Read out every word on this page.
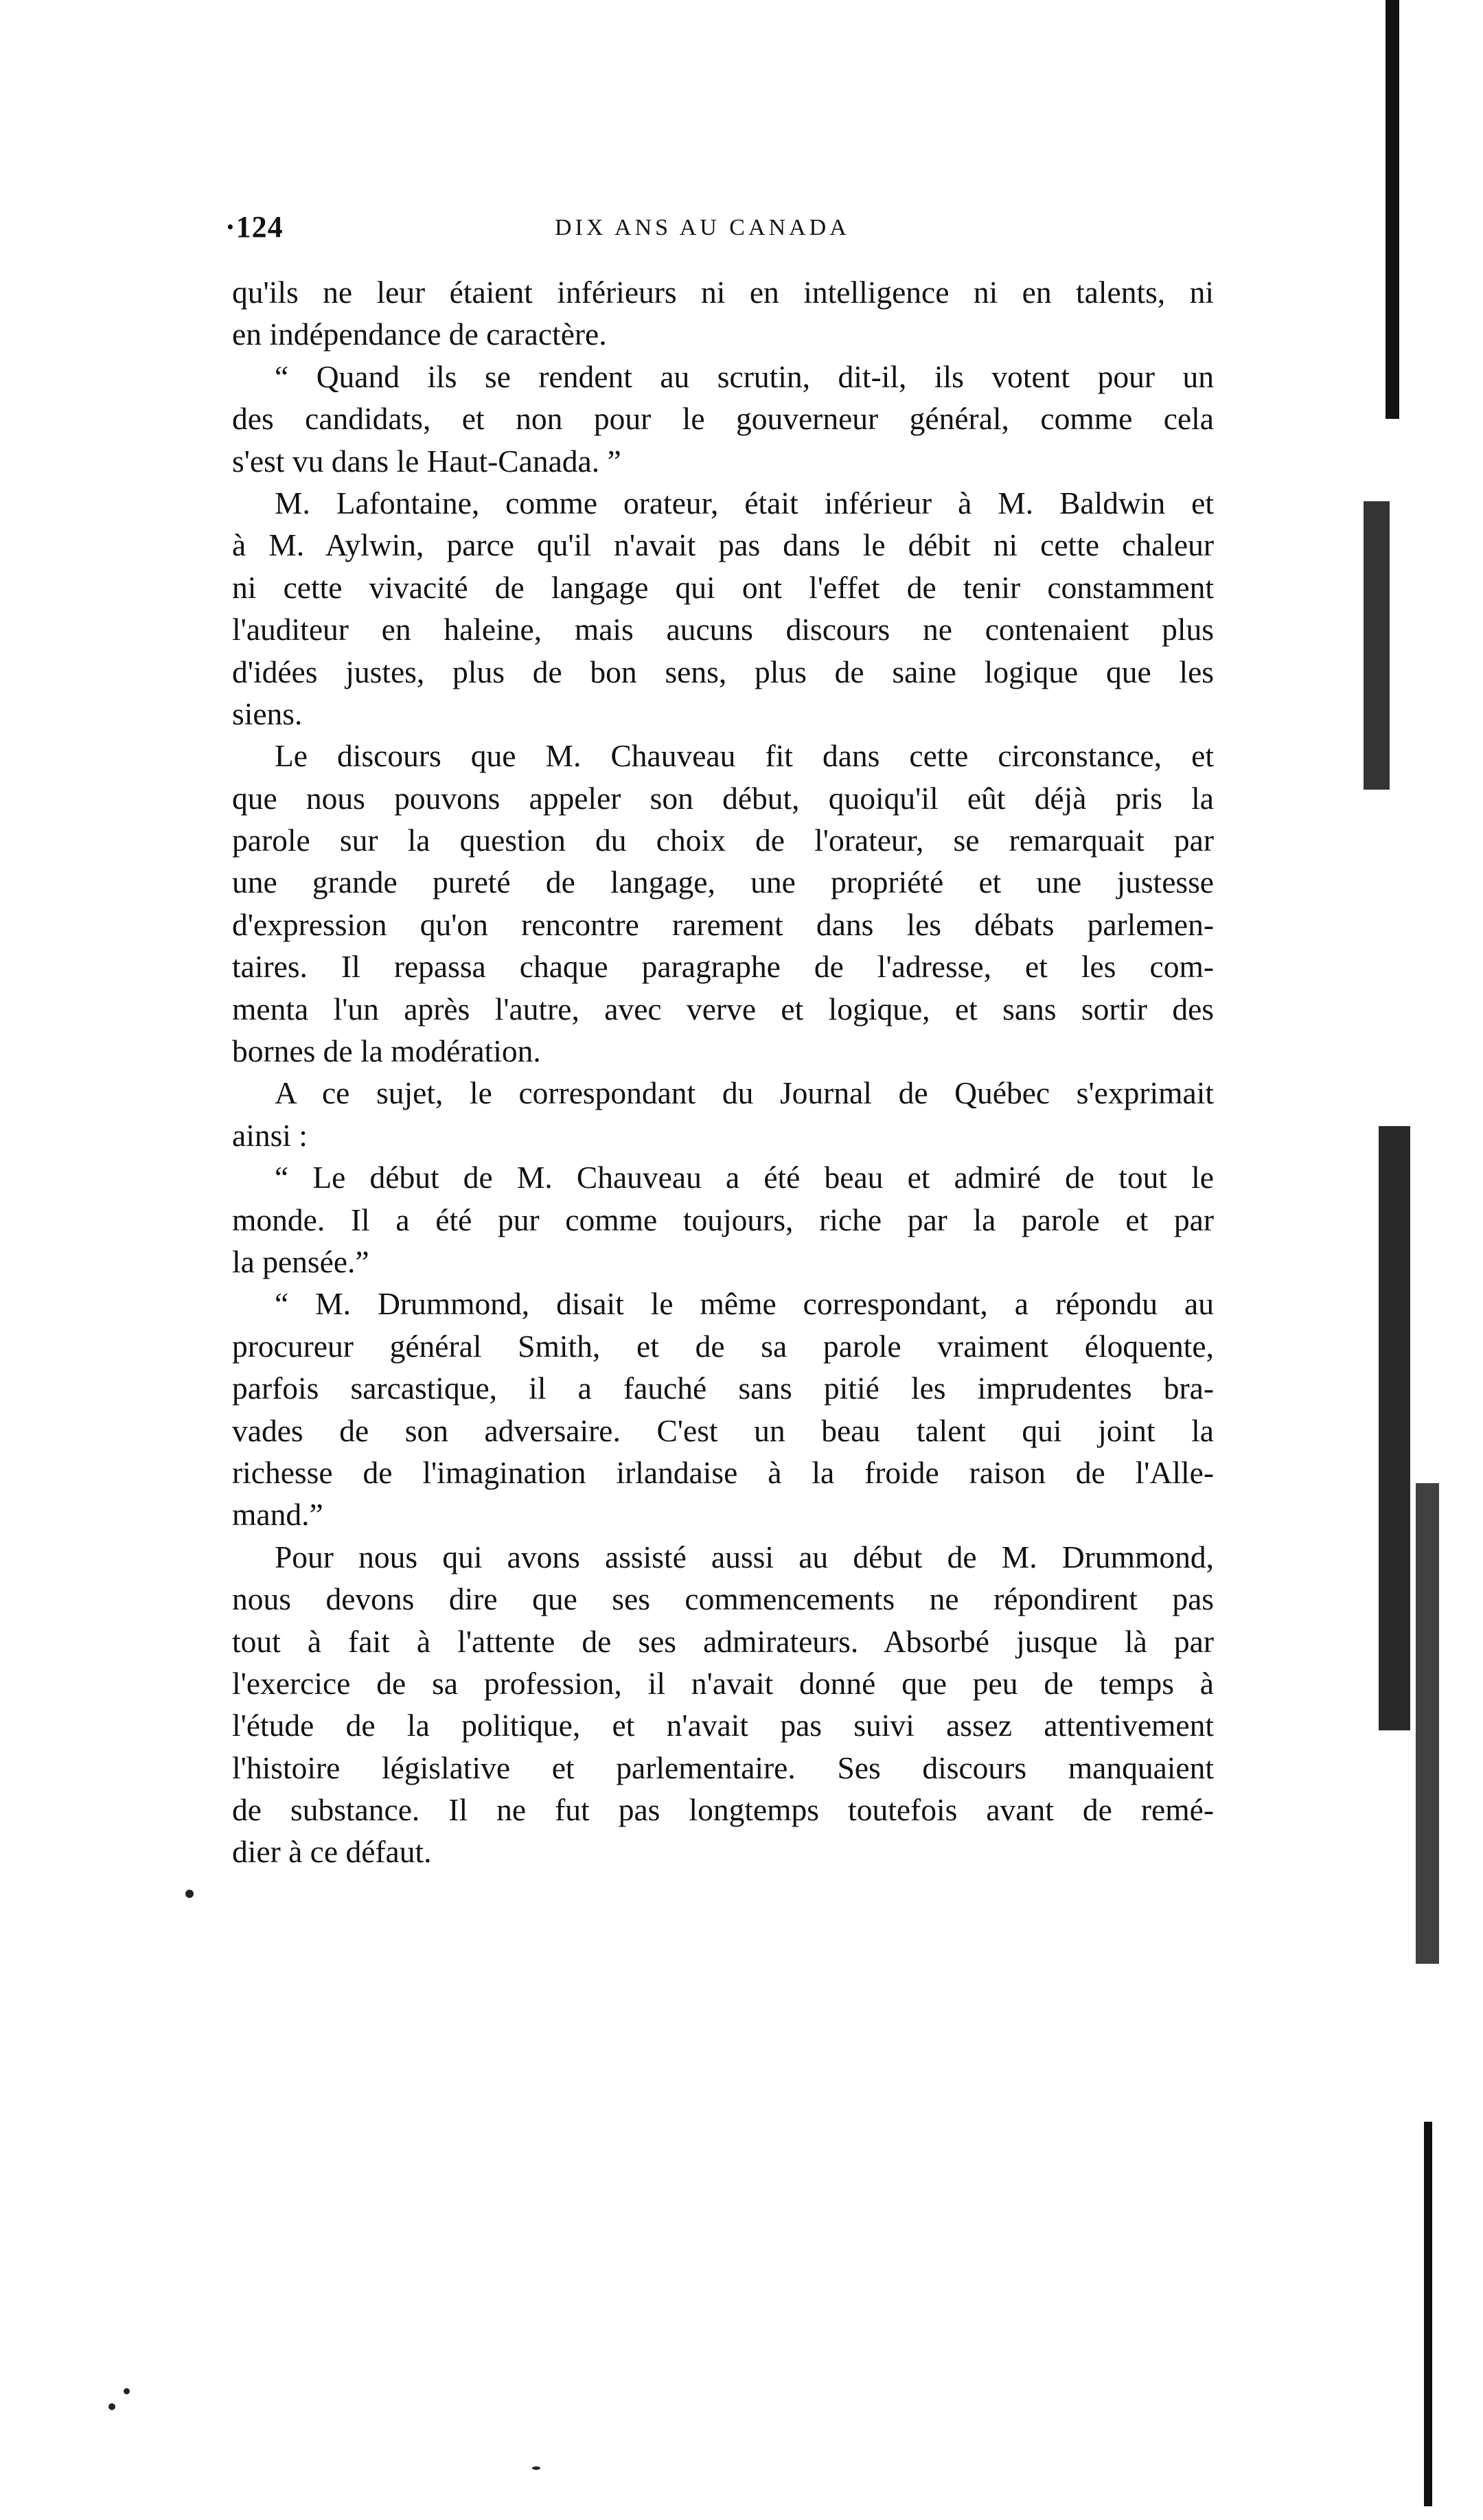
·124	DIX ANS AU CANADA
qu'ils ne leur étaient inférieurs ni en intelligence ni en talents, ni
en indépendance de caractère.
“ Quand ils se rendent au scrutin, dit-il, ils votent pour un
des candidats, et non pour le gouverneur général, comme cela
s'est vu dans le Haut-Canada. ”
M. Lafontaine, comme orateur, était inférieur à M. Baldwin et
à M. Aylwin, parce qu'il n'avait pas dans le débit ni cette chaleur
ni cette vivacité de langage qui ont l'effet de tenir constamment
l'auditeur en haleine, mais aucuns discours ne contenaient plus
d'idées justes, plus de bon sens, plus de saine logique que les
siens.
Le discours que M. Chauveau fit dans cette circonstance, et
que nous pouvons appeler son début, quoiqu'il eût déjà pris la
parole sur la question du choix de l'orateur, se remarquait par
une grande pureté de langage, une propriété et une justesse
d'expression qu'on rencontre rarement dans les débats parlemen-
taires. Il repassa chaque paragraphe de l'adresse, et les com-
menta l'un après l'autre, avec verve et logique, et sans sortir des
bornes de la modération.
A ce sujet, le correspondant du Journal de Québec s'exprimait
ainsi :
“ Le début de M. Chauveau a été beau et admiré de tout le
monde. Il a été pur comme toujours, riche par la parole et par
la pensée.”
“ M. Drummond, disait le même correspondant, a répondu au
procureur général Smith, et de sa parole vraiment éloquente,
parfois sarcastique, il a fauché sans pitié les imprudentes bra-
vades de son adversaire. C'est un beau talent qui joint la
richesse de l'imagination irlandaise à la froide raison de l'Alle-
mand.”
Pour nous qui avons assisté aussi au début de M. Drummond,
nous devons dire que ses commencements ne répondirent pas
tout à fait à l'attente de ses admirateurs. Absorbé jusque là par
l'exercice de sa profession, il n'avait donné que peu de temps à
l'étude de la politique, et n'avait pas suivi assez attentivement
l'histoire législative et parlementaire. Ses discours manquaient
de substance. Il ne fut pas longtemps toutefois avant de remé-
dier à ce défaut.
